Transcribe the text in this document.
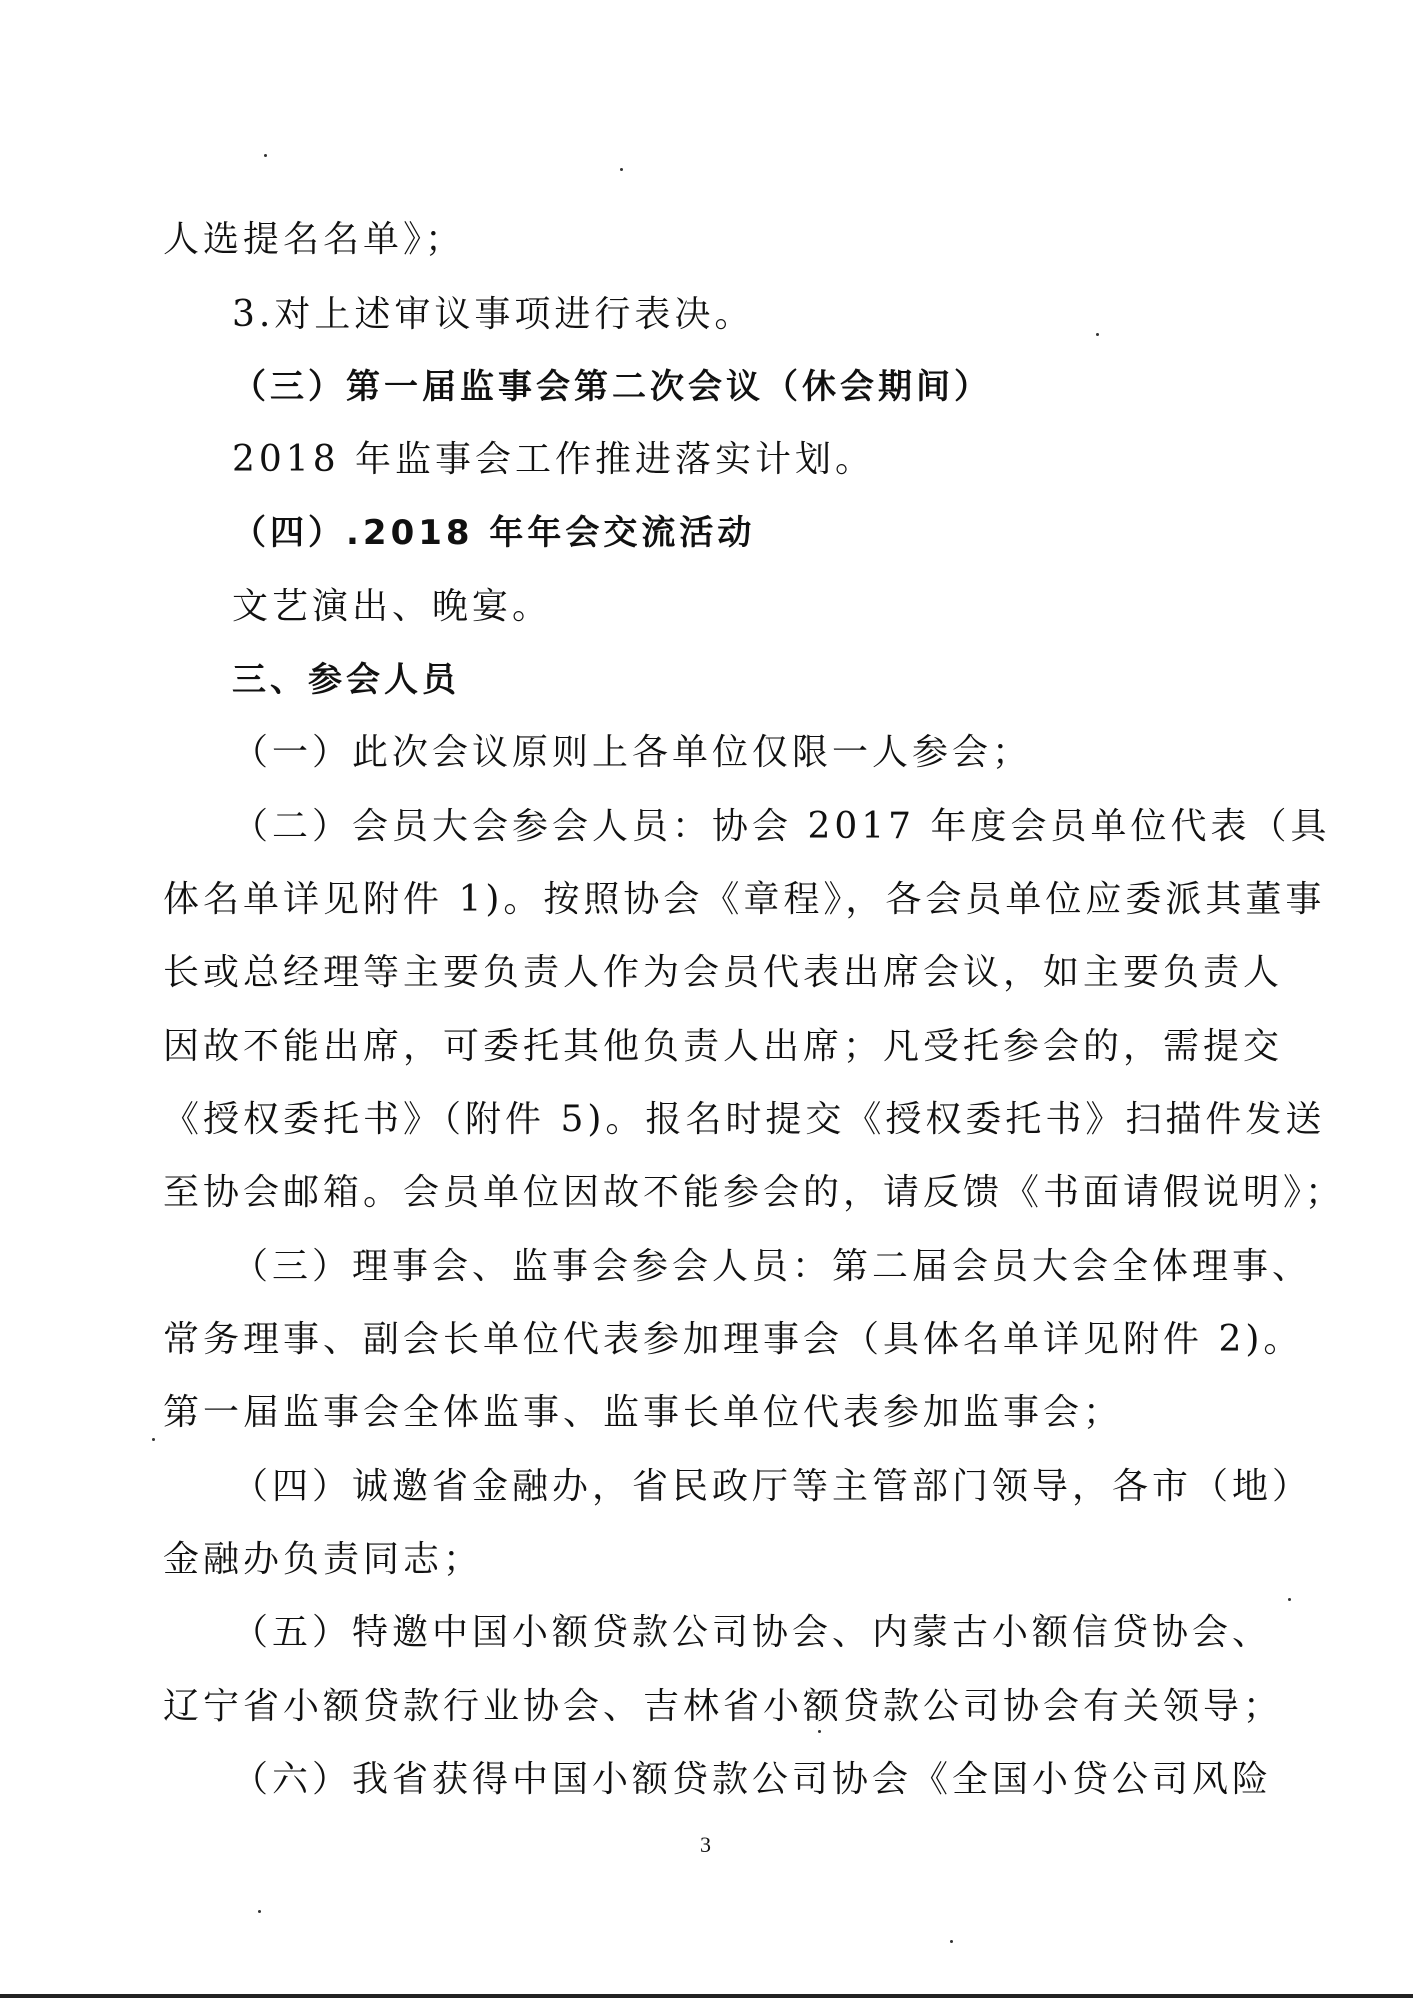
人选提名名单》；
3.对上述审议事项进行表决。
（三）第一届监事会第二次会议（休会期间）
2018 年监事会工作推进落实计划。
（四）.2018 年年会交流活动
文艺演出、晚宴。
三、参会人员
（一）此次会议原则上各单位仅限一人参会；
（二）会员大会参会人员：协会 2017 年度会员单位代表（具
体名单详见附件 1)。按照协会《章程》，各会员单位应委派其董事
长或总经理等主要负责人作为会员代表出席会议，如主要负责人
因故不能出席，可委托其他负责人出席；凡受托参会的，需提交
《授权委托书》（附件 5)。报名时提交《授权委托书》扫描件发送
至协会邮箱。会员单位因故不能参会的，请反馈《书面请假说明》；
（三）理事会、监事会参会人员：第二届会员大会全体理事、
常务理事、副会长单位代表参加理事会（具体名单详见附件 2)。
第一届监事会全体监事、监事长单位代表参加监事会；
（四）诚邀省金融办，省民政厅等主管部门领导，各市（地）
金融办负责同志；
（五）特邀中国小额贷款公司协会、内蒙古小额信贷协会、
辽宁省小额贷款行业协会、吉林省小额贷款公司协会有关领导；
（六）我省获得中国小额贷款公司协会《全国小贷公司风险
3
